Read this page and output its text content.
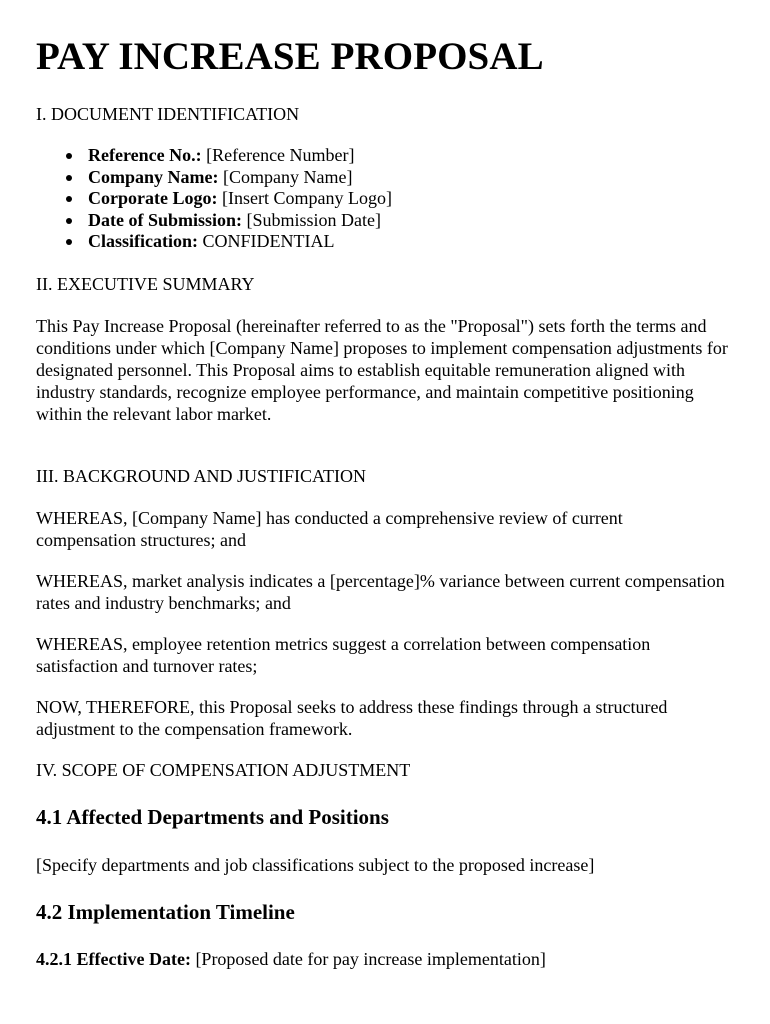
PAY INCREASE PROPOSAL
I. DOCUMENT IDENTIFICATION
Reference No.: [Reference Number]
Company Name: [Company Name]
Corporate Logo: [Insert Company Logo]
Date of Submission: [Submission Date]
Classification: CONFIDENTIAL
II. EXECUTIVE SUMMARY

This Pay Increase Proposal (hereinafter referred to as the "Proposal") sets forth the terms and conditions under which [Company Name] proposes to implement compensation adjustments for designated personnel. This Proposal aims to establish equitable remuneration aligned with industry standards, recognize employee performance, and maintain competitive positioning within the relevant labor market.

III. BACKGROUND AND JUSTIFICATION

WHEREAS, [Company Name] has conducted a comprehensive review of current compensation structures; and

WHEREAS, market analysis indicates a [percentage]% variance between current compensation rates and industry benchmarks; and

WHEREAS, employee retention metrics suggest a correlation between compensation satisfaction and turnover rates;

NOW, THEREFORE, this Proposal seeks to address these findings through a structured adjustment to the compensation framework.

IV. SCOPE OF COMPENSATION ADJUSTMENT
4.1 Affected Departments and Positions

[Specify departments and job classifications subject to the proposed increase]

4.2 Implementation Timeline

4.2.1 Effective Date: [Proposed date for pay increase implementation]
